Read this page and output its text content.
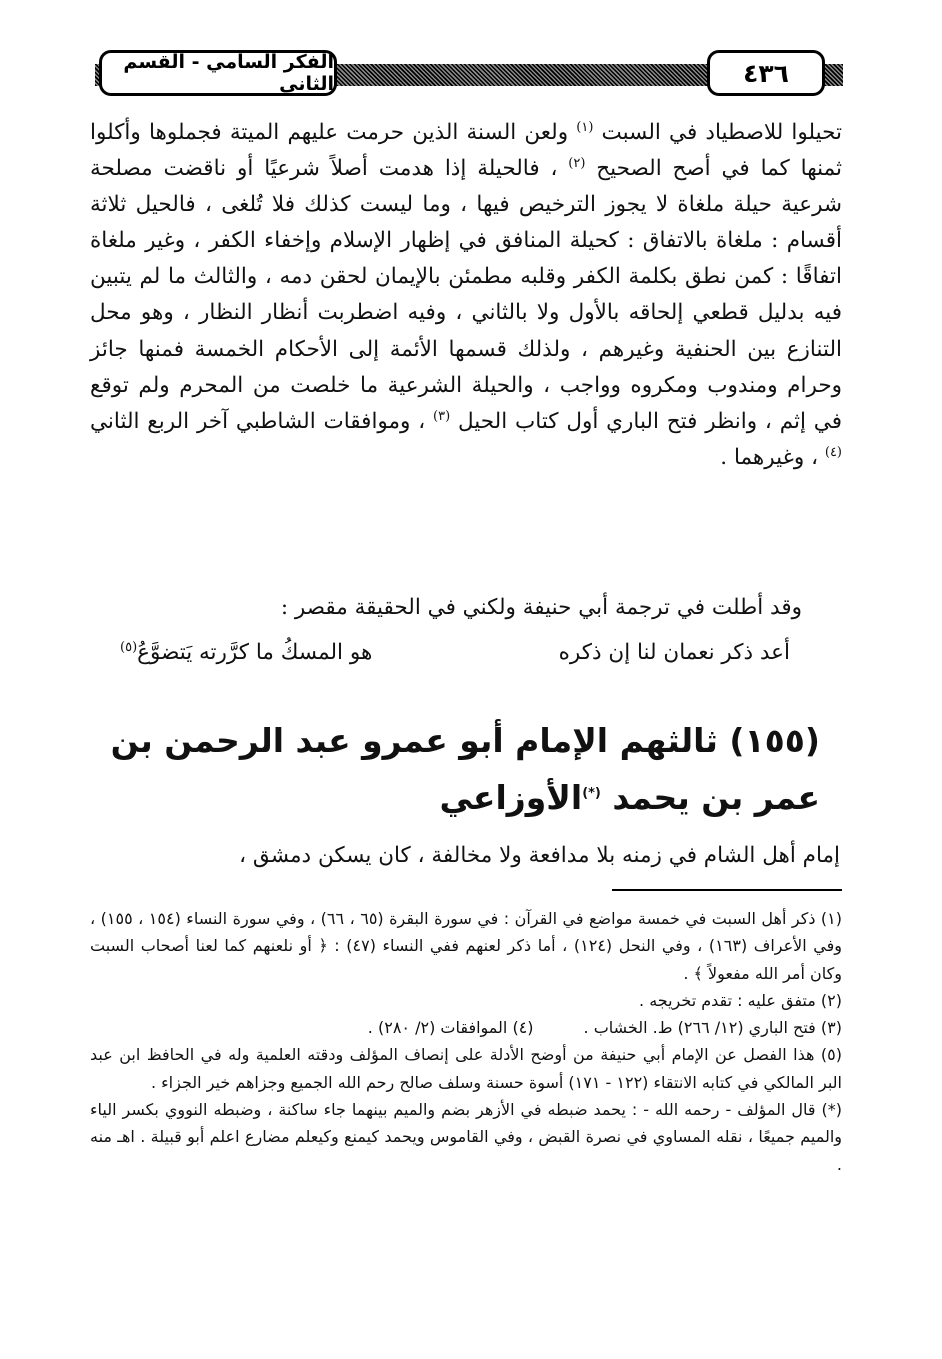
٤٣٦
الفكر السامي - القسم الثاني

تحيلوا للاصطياد في السبت $^{(١)}$ ولعن السنة الذين حرمت عليهم الميتة فجملوها وأكلوا ثمنها كما في أصح الصحيح $^{(٢)}$ ، فالحيلة إذا هدمت أصلاً شرعيًا أو ناقضت مصلحة شرعية حيلة ملغاة لا يجوز الترخيص فيها ، وما ليست كذلك فلا تُلغى ، فالحيل ثلاثة أقسام : ملغاة بالاتفاق : كحيلة المنافق في إظهار الإسلام وإخفاء الكفر ، وغير ملغاة اتفاقًا : كمن نطق بكلمة الكفر وقلبه مطمئن بالإيمان لحقن دمه ، والثالث ما لم يتبين فيه بدليل قطعي إلحاقه بالأول ولا بالثاني ، وفيه اضطربت أنظار النظار ، وهو محل التنازع بين الحنفية وغيرهم ، ولذلك قسمها الأئمة إلى الأحكام الخمسة فمنها جائز وحرام ومندوب ومكروه وواجب ، والحيلة الشرعية ما خلصت من المحرم ولم توقع في إثم ، وانظر فتح الباري أول كتاب الحيل $^{(٣)}$ ، وموافقات الشاطبي آخر الربع الثاني $^{(٤)}$ ، وغيرهما .

وقد أطلت في ترجمة أبي حنيفة ولكني في الحقيقة مقصر :

أعد ذكر نعمان لنا إن ذكره
هو المسكُ ما كرَّرته يَتضوَّعُ$^{(٥)}$
(١٥٥) ثالثهم الإمام أبو عمرو عبد الرحمن بن
عمر بن يحمد (*)الأوزاعي

إمام أهل الشام في زمنه بلا مدافعة ولا مخالفة ، كان يسكن دمشق ،

(١) ذكر أهل السبت في خمسة مواضع في القرآن : في سورة البقرة (٦٥ ، ٦٦) ، وفي سورة النساء (١٥٤ ، ١٥٥) ، وفي الأعراف (١٦٣) ، وفي النحل (١٢٤) ، أما ذكر لعنهم ففي النساء (٤٧) : ﴿ أو نلعنهم كما لعنا أصحاب السبت وكان أمر الله مفعولاً ﴾ .
(٢) متفق عليه : تقدم تخريجه .
(٣) فتح الباري (١٢/ ٢٦٦) ط. الخشاب .
(٤) الموافقات (٢/ ٢٨٠) .
(٥) هذا الفصل عن الإمام أبي حنيفة من أوضح الأدلة على إنصاف المؤلف ودقته العلمية وله في الحافظ ابن عبد البر المالكي في كتابه الانتقاء (١٢٢ - ١٧١) أسوة حسنة وسلف صالح رحم الله الجميع وجزاهم خير الجزاء .
(*) قال المؤلف - رحمه الله - : يحمد ضبطه في الأزهر بضم والميم بينهما جاء ساكنة ، وضبطه النووي بكسر الياء والميم جميعًا ، نقله المساوي في نصرة القبض ، وفي القاموس ويحمد كيمنع وكيعلم مضارع اعلم أبو قبيلة . اهـ منه .
